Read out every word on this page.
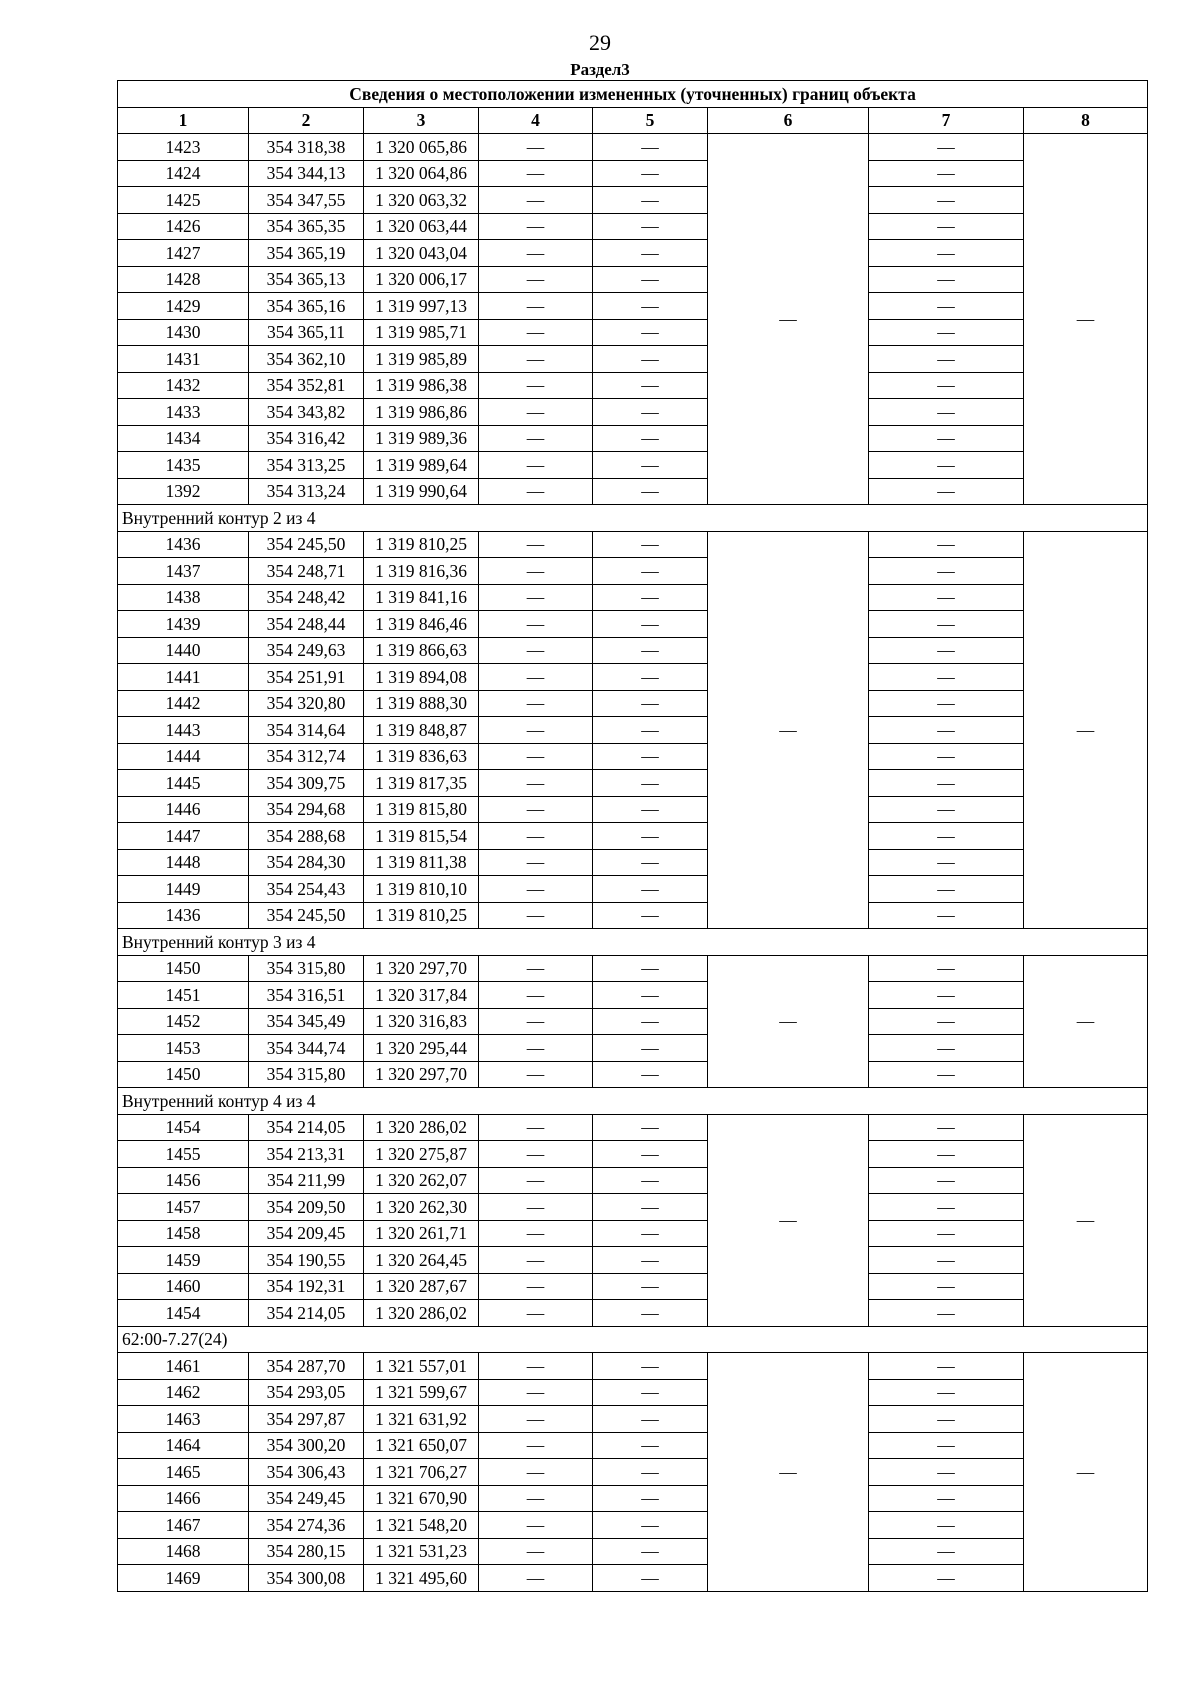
29
Раздел3
Сведения о местоположении измененных (уточненных) границ объекта							
1	2	3	4	5	6	7	8
1423	354 318,38	1 320 065,86	—	—	—	—	—
1424	354 344,13	1 320 064,86	—	—		—	
1425	354 347,55	1 320 063,32	—	—		—	
1426	354 365,35	1 320 063,44	—	—		—	
1427	354 365,19	1 320 043,04	—	—		—	
1428	354 365,13	1 320 006,17	—	—		—	
1429	354 365,16	1 319 997,13	—	—		—	
1430	354 365,11	1 319 985,71	—	—		—	
1431	354 362,10	1 319 985,89	—	—		—	
1432	354 352,81	1 319 986,38	—	—		—	
1433	354 343,82	1 319 986,86	—	—		—	
1434	354 316,42	1 319 989,36	—	—		—	
1435	354 313,25	1 319 989,64	—	—		—	
1392	354 313,24	1 319 990,64	—	—		—	
Внутренний контур 2 из 4							
1436	354 245,50	1 319 810,25	—	—	—	—	—
1437	354 248,71	1 319 816,36	—	—		—	
1438	354 248,42	1 319 841,16	—	—		—	
1439	354 248,44	1 319 846,46	—	—		—	
1440	354 249,63	1 319 866,63	—	—		—	
1441	354 251,91	1 319 894,08	—	—		—	
1442	354 320,80	1 319 888,30	—	—		—	
1443	354 314,64	1 319 848,87	—	—		—	
1444	354 312,74	1 319 836,63	—	—		—	
1445	354 309,75	1 319 817,35	—	—		—	
1446	354 294,68	1 319 815,80	—	—		—	
1447	354 288,68	1 319 815,54	—	—		—	
1448	354 284,30	1 319 811,38	—	—		—	
1449	354 254,43	1 319 810,10	—	—		—	
1436	354 245,50	1 319 810,25	—	—		—	
Внутренний контур 3 из 4							
1450	354 315,80	1 320 297,70	—	—	—	—	—
1451	354 316,51	1 320 317,84	—	—		—	
1452	354 345,49	1 320 316,83	—	—		—	
1453	354 344,74	1 320 295,44	—	—		—	
1450	354 315,80	1 320 297,70	—	—		—	
Внутренний контур 4 из 4							
1454	354 214,05	1 320 286,02	—	—	—	—	—
1455	354 213,31	1 320 275,87	—	—		—	
1456	354 211,99	1 320 262,07	—	—		—	
1457	354 209,50	1 320 262,30	—	—		—	
1458	354 209,45	1 320 261,71	—	—		—	
1459	354 190,55	1 320 264,45	—	—		—	
1460	354 192,31	1 320 287,67	—	—		—	
1454	354 214,05	1 320 286,02	—	—		—	
62:00-7.27(24)							
1461	354 287,70	1 321 557,01	—	—	—	—	—
1462	354 293,05	1 321 599,67	—	—		—	
1463	354 297,87	1 321 631,92	—	—		—	
1464	354 300,20	1 321 650,07	—	—		—	
1465	354 306,43	1 321 706,27	—	—		—	
1466	354 249,45	1 321 670,90	—	—		—	
1467	354 274,36	1 321 548,20	—	—		—	
1468	354 280,15	1 321 531,23	—	—		—	
1469	354 300,08	1 321 495,60	—	—		—	
